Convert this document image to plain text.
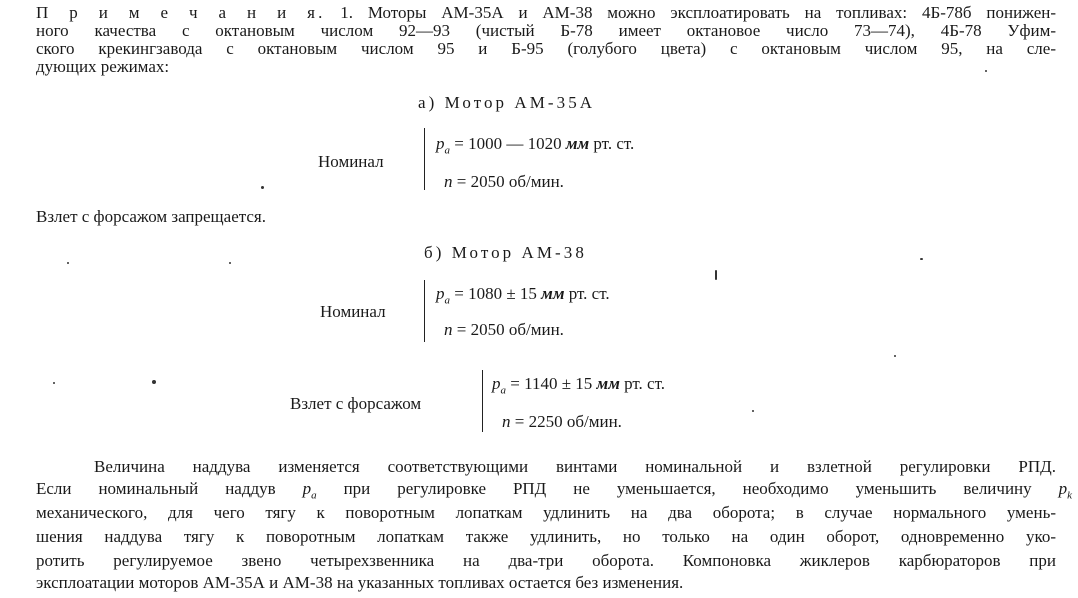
П р и м е ч а н и я. 1. Моторы АМ-35А и АМ-38 можно эксплоатировать на топливах: 4Б-78б понижен-
ного качества с октановым числом 92—93 (чистый Б-78 имеет октановое число 73—74), 4Б-78 Уфим-
ского крекингзавода с октановым числом 95 и Б-95 (голубого цвета) с октановым числом 95, на сле-
дующих режимах:
а) Мотор АМ-35А
Номинал
$p_a = 1000$ — 1020 мм рт. ст.
n = 2050 об/мин.
Взлет с форсажом запрещается.
б) Мотор АМ-38
Номинал
$p_a = 1080 \pm 15$ мм рт. ст.
n = 2050 об/мин.
Взлет с форсажом
$p_a = 1140 \pm 15$ мм рт. ст.
n = 2250 об/мин.
Величина наддува изменяется соответствующими винтами номинальной и взлетной регулировки РПД.
Если номинальный наддув $p_a$ при регулировке РПД не уменьшается, необходимо уменьшить величину $p_k$
механического, для чего тягу к поворотным лопаткам удлинить на два оборота; в случае нормального умень-
шения наддува тягу к поворотным лопаткам также удлинить, но только на один оборот, одновременно уко-
ротить регулируемое звено четырехзвенника на два-три оборота. Компоновка жиклеров карбюраторов при
эксплоатации моторов АМ-35А и АМ-38 на указанных топливах остается без изменения.
